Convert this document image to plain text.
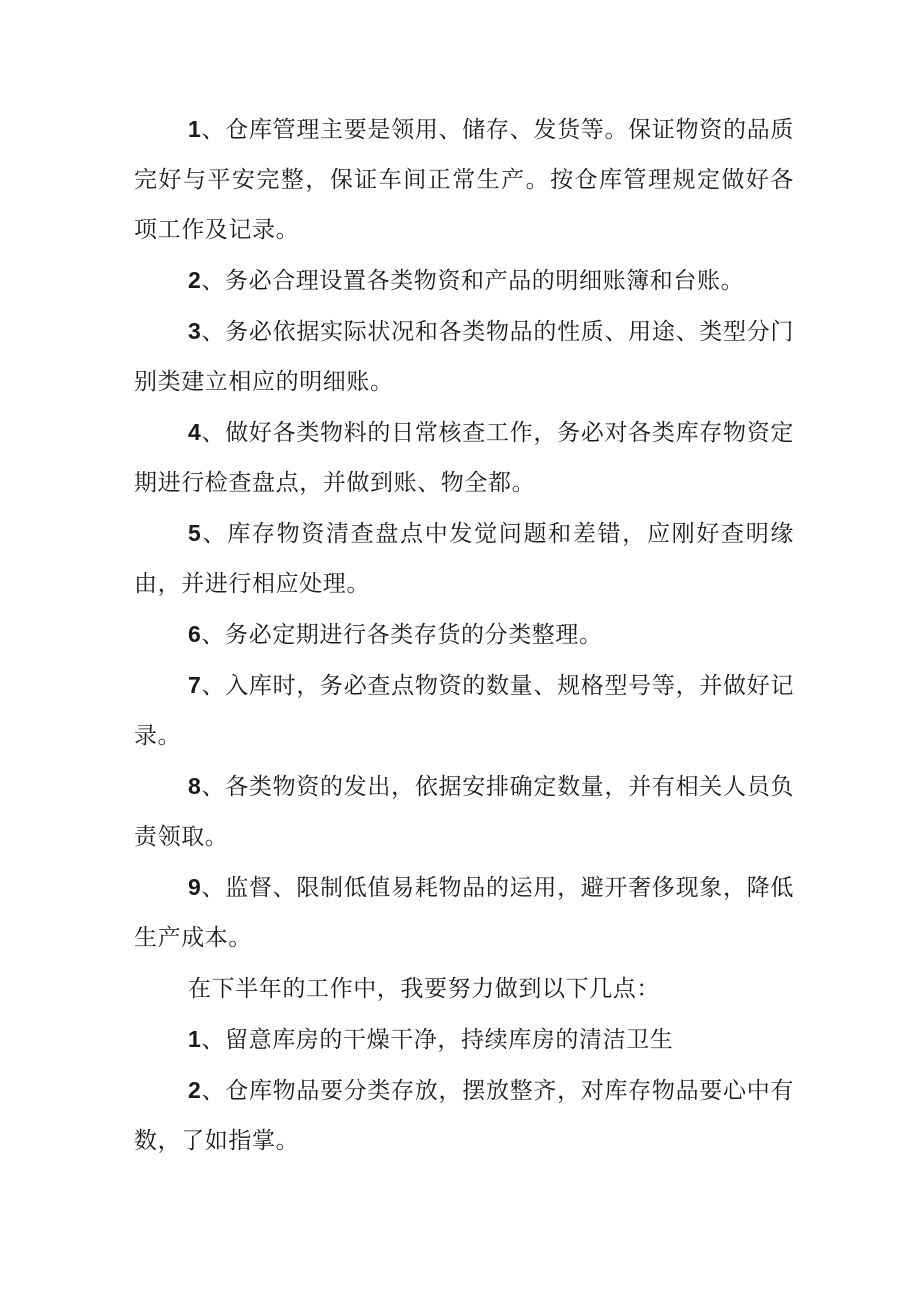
1、仓库管理主要是领用、储存、发货等。保证物资的品质完好与平安完整，保证车间正常生产。按仓库管理规定做好各项工作及记录。

2、务必合理设置各类物资和产品的明细账簿和台账。

3、务必依据实际状况和各类物品的性质、用途、类型分门别类建立相应的明细账。

4、做好各类物料的日常核查工作，务必对各类库存物资定期进行检查盘点，并做到账、物全都。

5、库存物资清查盘点中发觉问题和差错，应刚好查明缘由，并进行相应处理。

6、务必定期进行各类存货的分类整理。

7、入库时，务必查点物资的数量、规格型号等，并做好记录。

8、各类物资的发出，依据安排确定数量，并有相关人员负责领取。

9、监督、限制低值易耗物品的运用，避开奢侈现象，降低生产成本。

在下半年的工作中，我要努力做到以下几点：

1、留意库房的干燥干净，持续库房的清洁卫生

2、仓库物品要分类存放，摆放整齐，对库存物品要心中有数，了如指掌。
